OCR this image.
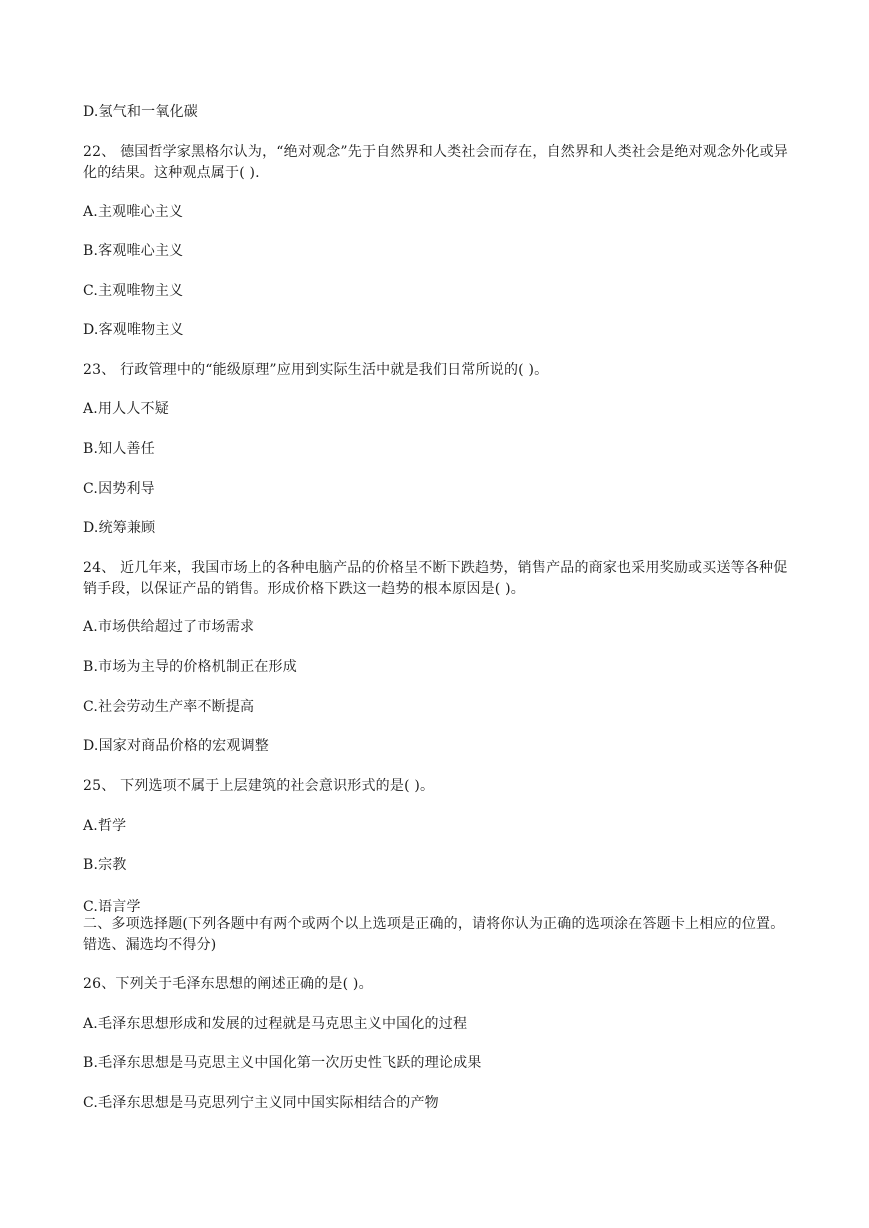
D.氢气和一氧化碳
22、 德国哲学家黑格尔认为，“绝对观念”先于自然界和人类社会而存在，自然界和人类社会是绝对观念外化或异化的结果。这种观点属于( ).
A.主观唯心主义
B.客观唯心主义
C.主观唯物主义
D.客观唯物主义
23、 行政管理中的“能级原理”应用到实际生活中就是我们日常所说的( )。
A.用人人不疑
B.知人善任
C.因势利导
D.统筹兼顾
24、 近几年来，我国市场上的各种电脑产品的价格呈不断下跌趋势，销售产品的商家也采用奖励或买送等各种促销手段，以保证产品的销售。形成价格下跌这一趋势的根本原因是( )。
A.市场供给超过了市场需求
B.市场为主导的价格机制正在形成
C.社会劳动生产率不断提高
D.国家对商品价格的宏观调整
25、 下列选项不属于上层建筑的社会意识形式的是( )。
A.哲学
B.宗教
C.语言学
二、多项选择题(下列各题中有两个或两个以上选项是正确的，请将你认为正确的选项涂在答题卡上相应的位置。错选、漏选均不得分)
26、下列关于毛泽东思想的阐述正确的是( )。
A.毛泽东思想形成和发展的过程就是马克思主义中国化的过程
B.毛泽东思想是马克思主义中国化第一次历史性飞跃的理论成果
C.毛泽东思想是马克思列宁主义同中国实际相结合的产物
